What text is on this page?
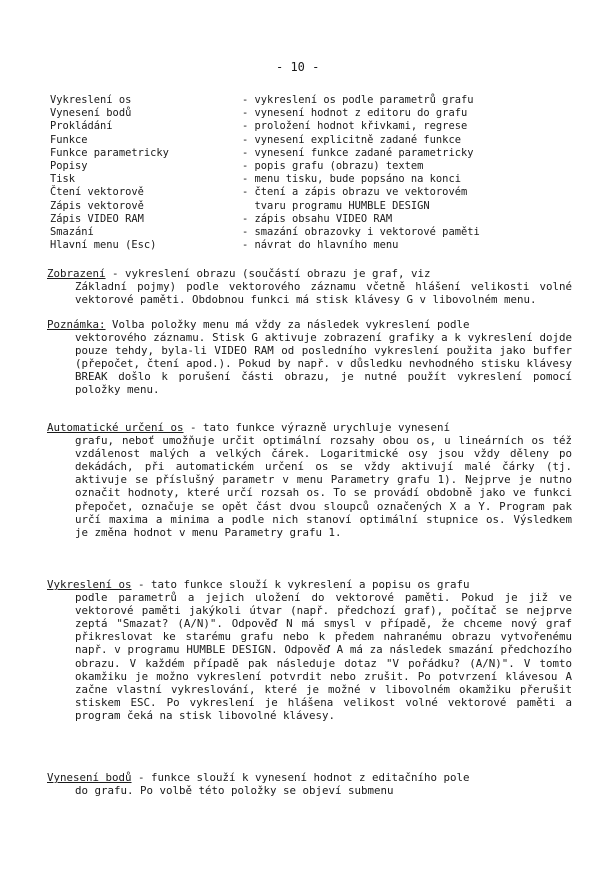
- 10 -
Vykreslení os	- vykreslení os podle parametrů grafu
Vynesení bodů	- vynesení hodnot z editoru do grafu
Prokládání	- proložení hodnot křivkami, regrese
Funkce	- vynesení explicitně zadané funkce
Funkce parametricky	- vynesení funkce zadané parametricky
Popisy	- popis grafu (obrazu) textem
Tisk	- menu tisku, bude popsáno na konci
Čtení vektorově	- čtení a zápis obrazu ve vektorovém
Zápis vektorově	tvaru programu HUMBLE DESIGN
Zápis VIDEO RAM	- zápis obsahu VIDEO RAM
Smazání	- smazání obrazovky i vektorové paměti
Hlavní menu (Esc)	- návrat do hlavního menu

Zobrazení - vykreslení obrazu (součástí obrazu je graf, viz

Základní pojmy) podle vektorového záznamu včetně hlášení velikosti volné vektorové paměti. Obdobnou funkci má stisk klávesy G v libovolném menu.

Poznámka: Volba položky menu má vždy za následek vykreslení podle

vektorového záznamu. Stisk G aktivuje zobrazení grafiky a k vykreslení dojde pouze tehdy, byla-li VIDEO RAM od posledního vykreslení použita jako buffer (přepočet, čtení apod.). Pokud by např. v důsledku nevhodného stisku klávesy BREAK došlo k porušení části obrazu, je nutné použít vykreslení pomocí položky menu.

Automatické určení os - tato funkce výrazně urychluje vynesení

grafu, neboť umožňuje určit optimální rozsahy obou os, u lineárních os též vzdálenost malých a velkých čárek. Logaritmické osy jsou vždy děleny po dekádách, při automatickém určení os se vždy aktivují malé čárky (tj. aktivuje se příslušný parametr v menu Parametry grafu 1). Nejprve je nutno označit hodnoty, které určí rozsah os. To se provádí obdobně jako ve funkci přepočet, označuje se opět část dvou sloupců označených X a Y. Program pak určí maxima a minima a podle nich stanoví optimální stupnice os. Výsledkem je změna hodnot v menu Parametry grafu 1.

Vykreslení os - tato funkce slouží k vykreslení a popisu os grafu

podle parametrů a jejich uložení do vektorové paměti. Pokud je již ve vektorové paměti jakýkoli útvar (např. předchozí graf), počítač se nejprve zeptá "Smazat? (A/N)". Odpověď N má smysl v případě, že chceme nový graf přikreslovat ke starému grafu nebo k předem nahranému obrazu vytvořenému např. v programu HUMBLE DESIGN. Odpověď A má za následek smazání předchozího obrazu. V každém případě pak následuje dotaz "V pořádku? (A/N)". V tomto okamžiku je možno vykreslení potvrdit nebo zrušit. Po potvrzení klávesou A začne vlastní vykreslování, které je možné v libovolném okamžiku přerušit stiskem ESC. Po vykreslení je hlášena velikost volné vektorové paměti a program čeká na stisk libovolné klávesy.

Vynesení bodů - funkce slouží k vynesení hodnot z editačního pole

do grafu. Po volbě této položky se objeví submenu
